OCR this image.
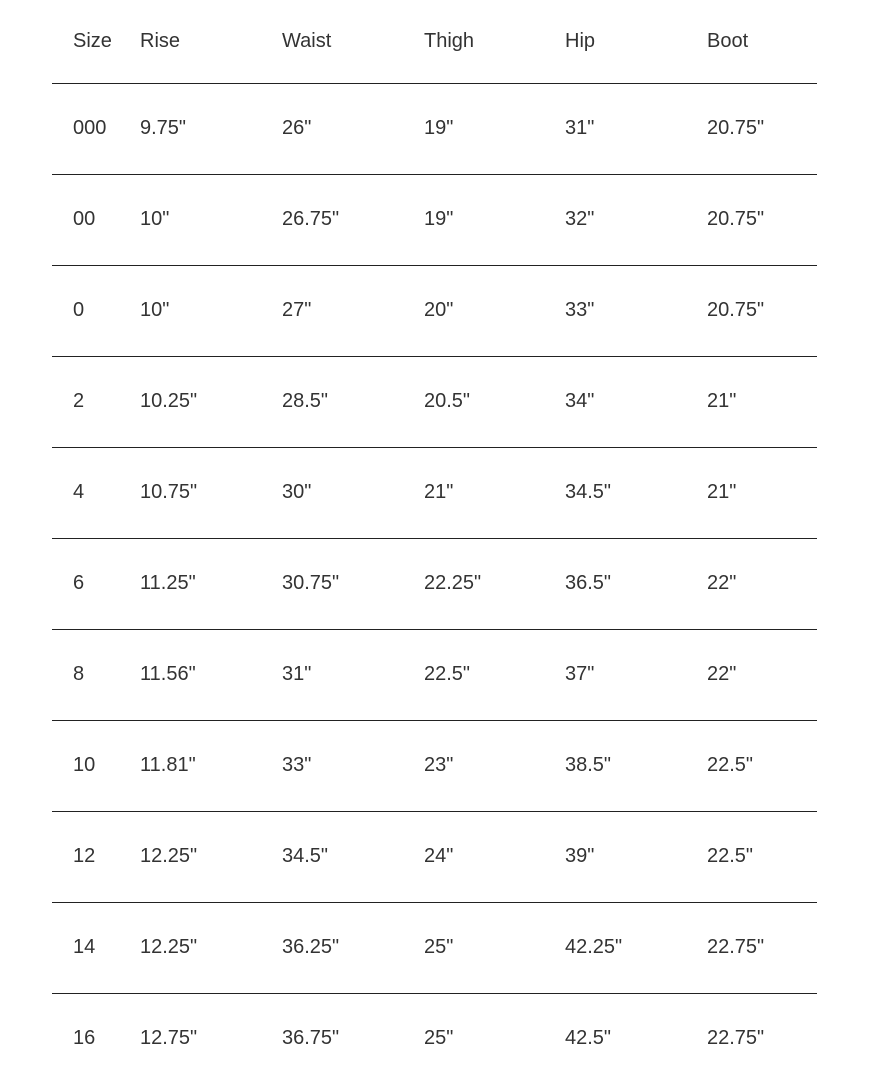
Size	Rise	Waist	Thigh	Hip	Boot
000	9.75"	26"	19"	31"	20.75"
00	10"	26.75"	19"	32"	20.75"
0	10"	27"	20"	33"	20.75"
2	10.25"	28.5"	20.5"	34"	21"
4	10.75"	30"	21"	34.5"	21"
6	11.25"	30.75"	22.25"	36.5"	22"
8	11.56"	31"	22.5"	37"	22"
10	11.81"	33"	23"	38.5"	22.5"
12	12.25"	34.5"	24"	39"	22.5"
14	12.25"	36.25"	25"	42.25"	22.75"
16	12.75"	36.75"	25"	42.5"	22.75"
